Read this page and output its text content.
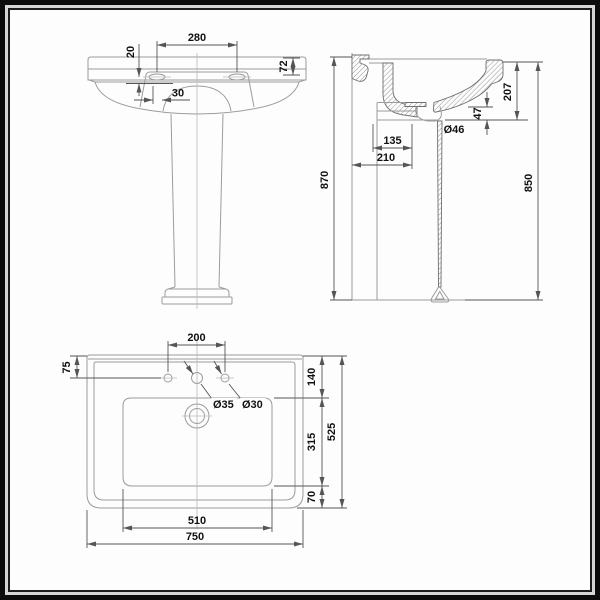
280
20
72
30
870	850
207
47
Ø46
135
210
Ø35 Ø30
200
75
140
315
70
525
510
750
